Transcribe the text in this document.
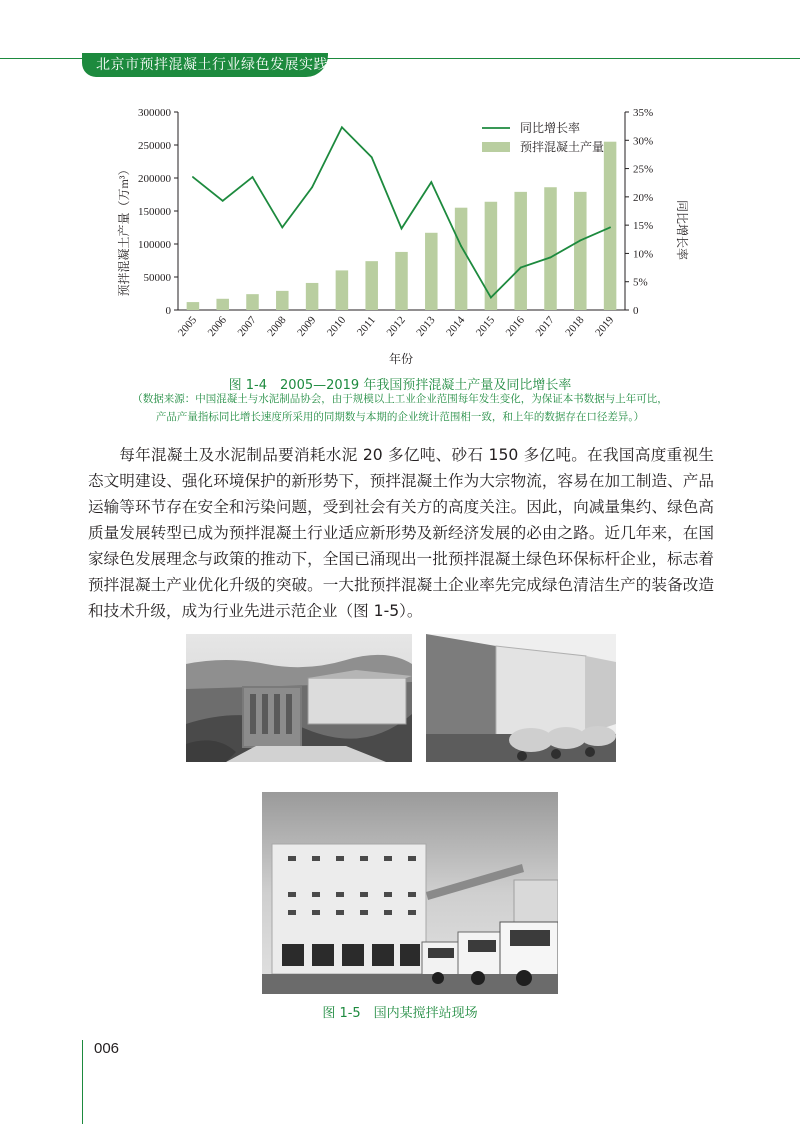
北京市预拌混凝土行业绿色发展实践
2005 2006 2007 2008 2009 2010 2011 2012 2013 2014 2015 2016 2017 2018 2019
0
50000
100000
150000
200000
250000
300000
0
5%
10%
15%
20%
25%
30%
35%
同比增长率
预拌混凝土产量
预拌混凝土产量（万m³）	同比增长率
年份
图 1-4　2005—2019 年我国预拌混凝土产量及同比增长率
（数据来源：中国混凝土与水泥制品协会，由于规模以上工业企业范围每年发生变化，为保证本书数据与上年可比，
产品产量指标同比增长速度所采用的同期数与本期的企业统计范围相一致，和上年的数据存在口径差异。）

每年混凝土及水泥制品要消耗水泥 20 多亿吨、砂石 150 多亿吨。在我国高度重视生态文明建设、强化环境保护的新形势下，预拌混凝土作为大宗物流，容易在加工制造、产品运输等环节存在安全和污染问题，受到社会有关方的高度关注。因此，向减量集约、绿色高质量发展转型已成为预拌混凝土行业适应新形势及新经济发展的必由之路。近几年来，在国家绿色发展理念与政策的推动下，全国已涌现出一批预拌混凝土绿色环保标杆企业，标志着预拌混凝土产业优化升级的突破。一大批预拌混凝土企业率先完成绿色清洁生产的装备改造和技术升级，成为行业先进示范企业（图 1-5）。

图 1-5　国内某搅拌站现场
006
